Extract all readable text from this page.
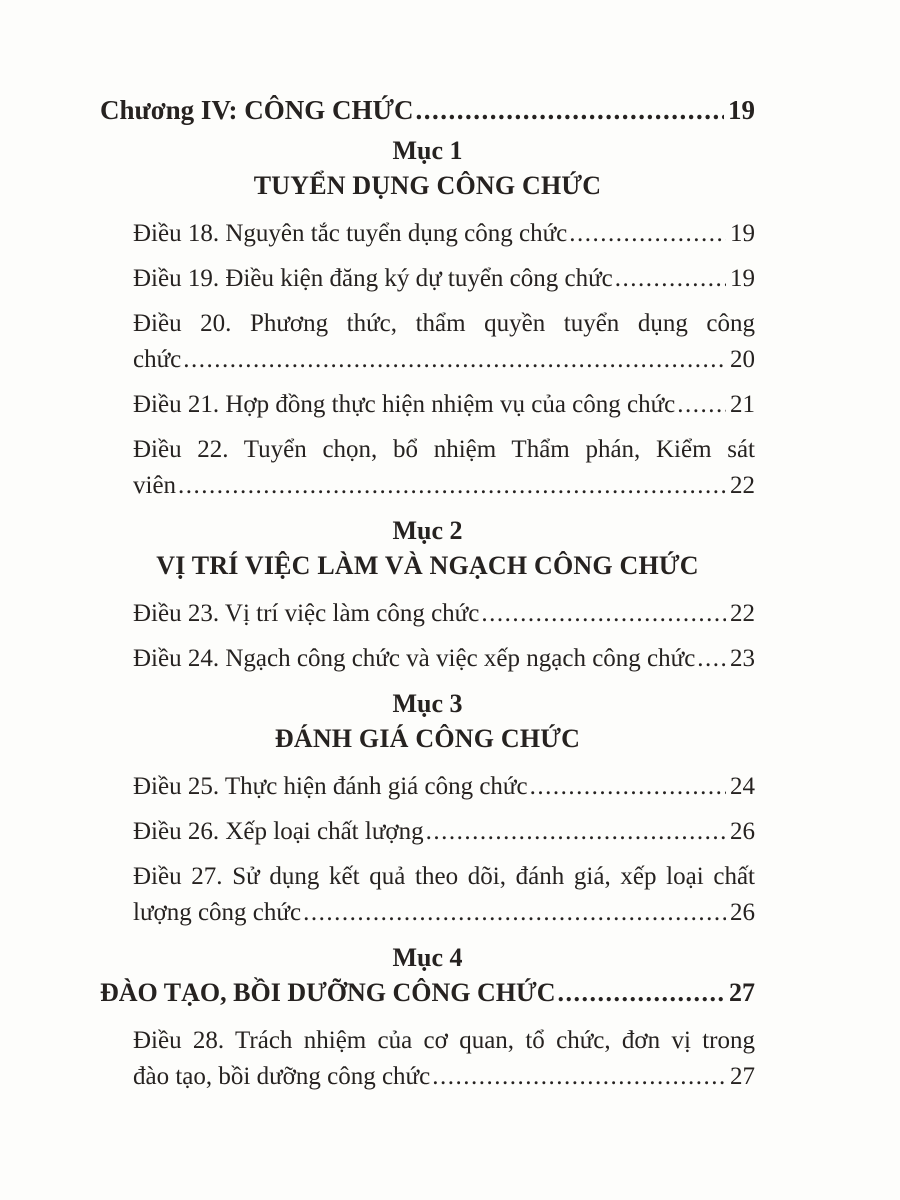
Chương IV: CÔNG CHỨC .....	19
Mục 1
TUYỂN DỤNG CÔNG CHỨC
Điều 18. Nguyên tắc tuyển dụng công chức .....	19
Điều 19. Điều kiện đăng ký dự tuyển công chức .....	19
Điều 20. Phương thức, thẩm quyền tuyển dụng công
chức .....	20
Điều 21. Hợp đồng thực hiện nhiệm vụ của công chức ..... 21
Điều 22. Tuyển chọn, bổ nhiệm Thẩm phán, Kiểm sát
viên .....	22
Mục 2
VỊ TRÍ VIỆC LÀM VÀ NGẠCH CÔNG CHỨC
Điều 23. Vị trí việc làm công chức .....	22
Điều 24. Ngạch công chức và việc xếp ngạch công chức ..... 23
Mục 3
ĐÁNH GIÁ CÔNG CHỨC
Điều 25. Thực hiện đánh giá công chức .....	24
Điều 26. Xếp loại chất lượng .....	26
Điều 27. Sử dụng kết quả theo dõi, đánh giá, xếp loại chất
lượng công chức .....	26
Mục 4
ĐÀO TẠO, BỒI DƯỠNG CÔNG CHỨC .....	27
Điều 28. Trách nhiệm của cơ quan, tổ chức, đơn vị trong
đào tạo, bồi dưỡng công chức .....	27
